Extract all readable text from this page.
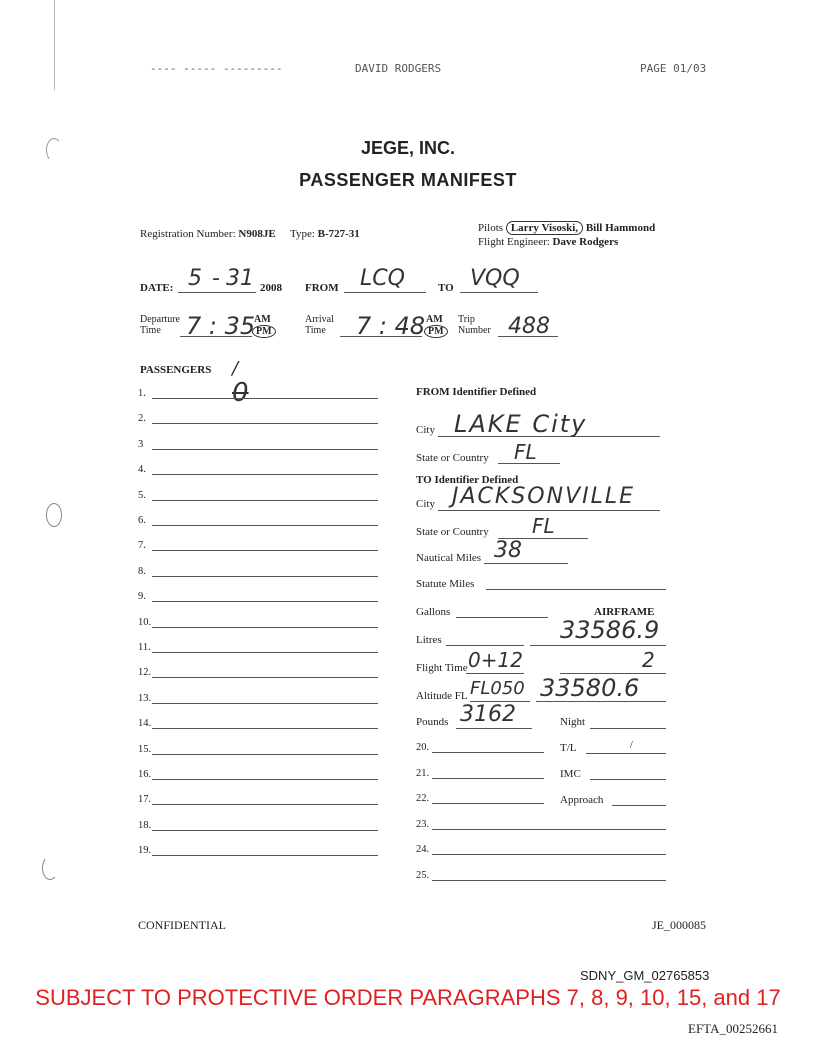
---- ----- ---------	DAVID RODGERS	PAGE 01/03
JEGE, INC.
PASSENGER MANIFEST
Registration Number: N908JE Type: B-727-31	Pilots Larry Visoski, Bill Hammond
Flight Engineer: Dave Rodgers
DATE: 5 - 31 2008 FROM LCQ	TO VQQ
Departure
Time	7 : 35
AM
PM
Arrival
Time	7 : 48 AM
PM
Trip
Number 488
PASSENGERS /
0
1.
2.
3
4.
5.
6.
7.
8.
9.
10.
11.
12.
13.
14.
15.
16.
17.
18.
19.
FROM Identifier Defined
City LAKE City
State or Country FL
TO Identifier Defined
City JACKSONVILLE
State or Country FL
Nautical Miles 38
Statute Miles
Gallons	AIRFRAME
Litres	33586.9
Flight Time 0+12	2
Altitude FL FL050 33580.6
Pounds 3162	Night
20.
21.
22.
23.
24.
25.
T/L	/
IMC
Approach
CONFIDENTIAL	JE_000085
SDNY_GM_02765853
SUBJECT TO PROTECTIVE ORDER PARAGRAPHS 7, 8, 9, 10, 15, and 17
EFTA_00252661
